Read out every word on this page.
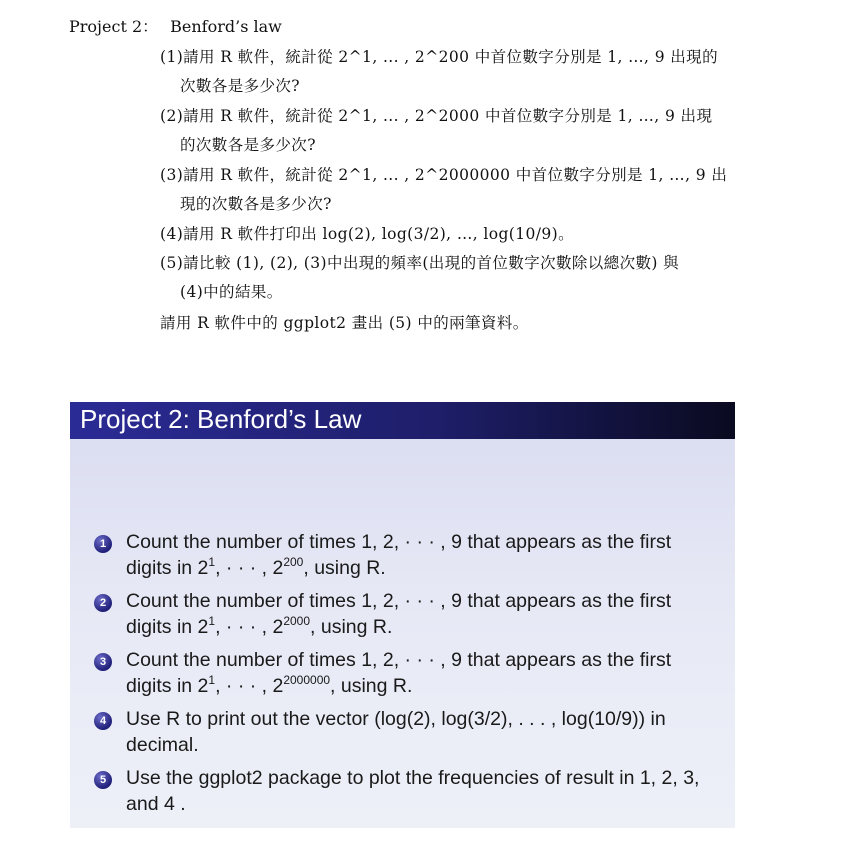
Project 2： Benford’s law
(1)請用 R 軟件，統計從 2^1, ... , 2^200 中首位數字分別是 1, …, 9 出現的
次數各是多少次?
(2)請用 R 軟件，統計從 2^1, ... , 2^2000 中首位數字分別是 1, …, 9 出現
的次數各是多少次?
(3)請用 R 軟件，統計從 2^1, ... , 2^2000000 中首位數字分別是 1, …, 9 出
現的次數各是多少次?
(4)請用 R 軟件打印出 log(2), log(3/2), …, log(10/9)。
(5)請比較 (1), (2), (3)中出現的頻率(出現的首位數字次數除以總次數) 與
(4)中的結果。
請用 R 軟件中的 ggplot2 畫出 (5) 中的兩筆資料。
Project 2: Benford’s Law
1	Count the number of times 1, 2, · · · , 9 that appears as the first digits in $2^1$, · · · , $2^{200}$, using R.
2	Count the number of times 1, 2, · · · , 9 that appears as the first digits in $2^1$, · · · , $2^{2000}$, using R.
3	Count the number of times 1, 2, · · · , 9 that appears as the first digits in $2^1$, · · · , $2^{2000000}$, using R.
4	Use R to print out the vector (log(2), log(3/2), . . . , log(10/9)) in decimal.
5	Use the ggplot2 package to plot the frequencies of result in 1, 2, 3, and 4 .
